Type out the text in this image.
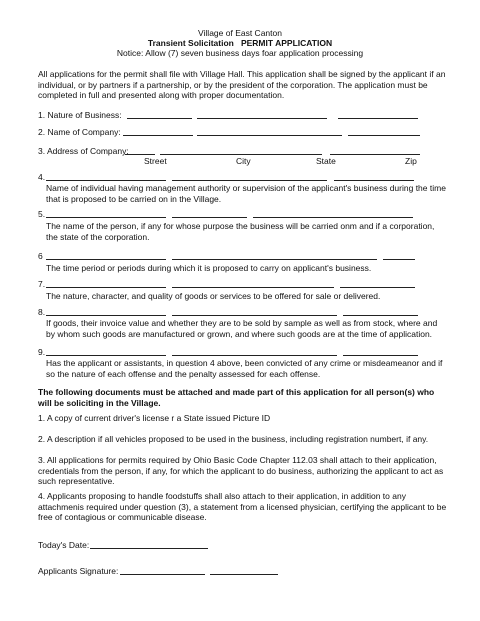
Village of East Canton
Transient Solicitation PERMIT APPLICATION
Notice: Allow (7) seven business days foar application processing
All applications for the permit shall file with Village Hall. This application shall be signed by the applicant if an individual, or by partners if a partnership, or by the president of the corporation. The application must be completed in full and presented along with proper documentation.
1. Nature of Business:
2. Name of Company:
3. Address of Company:
Street	City	State	Zip
4.
Name of individual having management authority or supervision of the applicant's business during the time that is proposed to be carried on in the Village.
5.
The name of the person, if any for whose purpose the business will be carried onm and if a corporation, the state of the corporation.
6
The time period or periods during which it is proposed to carry on applicant's business.
7.
The nature, character, and quality of goods or services to be offered for sale or delivered.
8.
If goods, their invoice value and whether they are to be sold by sample as well as from stock, where and by whom such goods are manufactured or grown, and where such goods are at the time of application.
9.
Has the applicant or assistants, in question 4 above, been convicted of any crime or misdeameanor and if so the nature of each offense and the penalty assessed for each offense.
The following documents must be attached and made part of this application for all person(s) who will be soliciting in the Village.
1. A copy of current driver's license r a State issued Picture ID
2. A description if all vehicles proposed to be used in the business, including registration numbert, if any.
3. All applications for permits required by Ohio Basic Code Chapter 112.03 shall attach to their application, credentials from the person, if any, for which the applicant to do business, authorizing the applicant to act as such representative.
4. Applicants proposing to handle foodstuffs shall also attach to their application, in addition to any attachmenis required under question (3), a statement from a licensed physician, certifying the applicant to be free of contagious or communicable disease.
Today's Date:
Applicants Signature:
